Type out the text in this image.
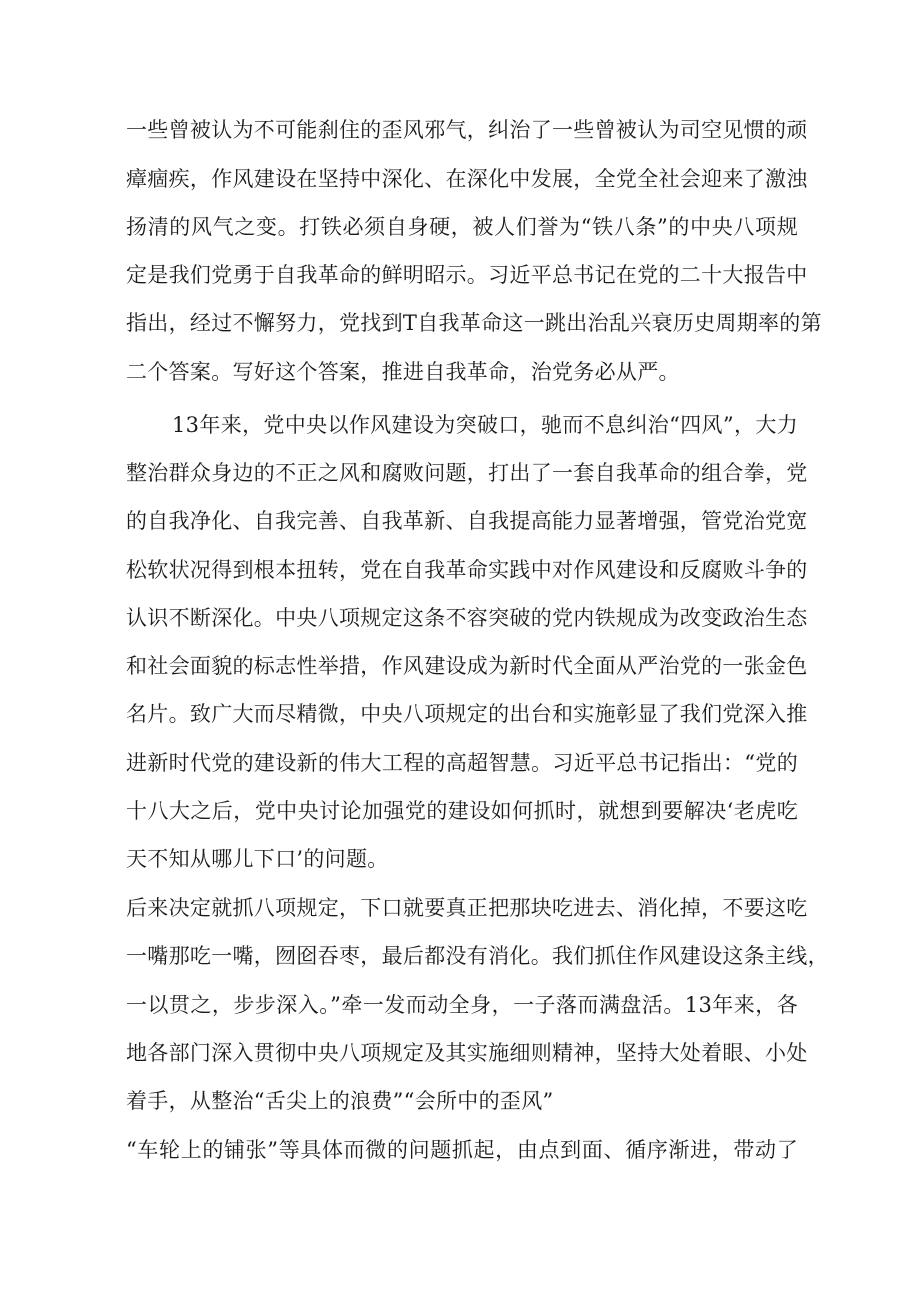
一些曾被认为不可能刹住的歪风邪气，纠治了一些曾被认为司空见惯的顽
瘴痼疾，作风建设在坚持中深化、在深化中发展，全党全社会迎来了激浊
扬清的风气之变。打铁必须自身硬，被人们誉为“铁八条”的中央八项规
定是我们党勇于自我革命的鲜明昭示。习近平总书记在党的二十大报告中
指出，经过不懈努力，党找到T自我革命这一跳出治乱兴衰历史周期率的第
二个答案。写好这个答案，推进自我革命，治党务必从严。
13年来，党中央以作风建设为突破口，驰而不息纠治“四风”，大力
整治群众身边的不正之风和腐败问题，打出了一套自我革命的组合拳，党
的自我净化、自我完善、自我革新、自我提高能力显著增强，管党治党宽
松软状况得到根本扭转，党在自我革命实践中对作风建设和反腐败斗争的
认识不断深化。中央八项规定这条不容突破的党内铁规成为改变政治生态
和社会面貌的标志性举措，作风建设成为新时代全面从严治党的一张金色
名片。致广大而尽精微，中央八项规定的出台和实施彰显了我们党深入推
进新时代党的建设新的伟大工程的高超智慧。习近平总书记指出：“党的
十八大之后，党中央讨论加强党的建设如何抓时，就想到要解决‘老虎吃
天不知从哪儿下口’的问题。
后来决定就抓八项规定，下口就要真正把那块吃进去、消化掉，不要这吃
一嘴那吃一嘴，囫囵吞枣，最后都没有消化。我们抓住作风建设这条主线，
一以贯之，步步深入。”牵一发而动全身，一子落而满盘活。13年来，各
地各部门深入贯彻中央八项规定及其实施细则精神，坚持大处着眼、小处
着手，从整治“舌尖上的浪费”“会所中的歪风”
“车轮上的铺张”等具体而微的问题抓起，由点到面、循序渐进，带动了
